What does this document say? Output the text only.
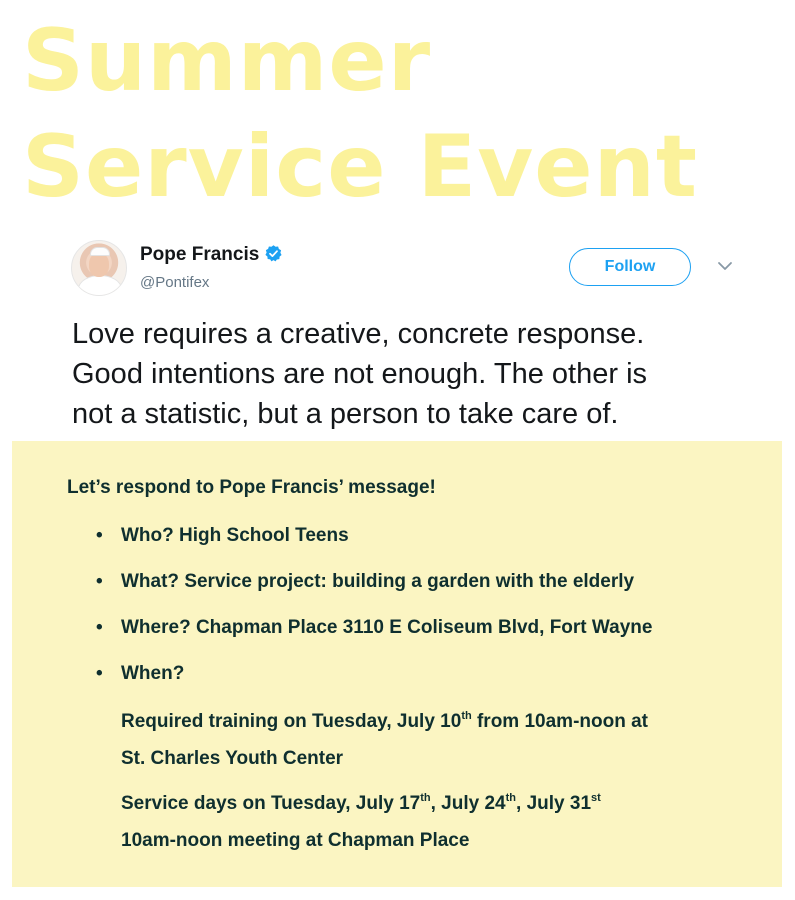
Summer
Service Event
Pope Francis
@Pontifex
Follow

Love requires a creative, concrete response.
Good intentions are not enough. The other is
not a statistic, but a person to take care of.

Let’s respond to Pope Francis’ message!

• Who? High School Teens
• What? Service project: building a garden with the elderly
• Where? Chapman Place 3110 E Coliseum Blvd, Fort Wayne
• When?

Required training on Tuesday, July 10th from 10am-noon at
St. Charles Youth Center

Service days on Tuesday, July 17th, July 24th, July 31st
10am-noon meeting at Chapman Place
